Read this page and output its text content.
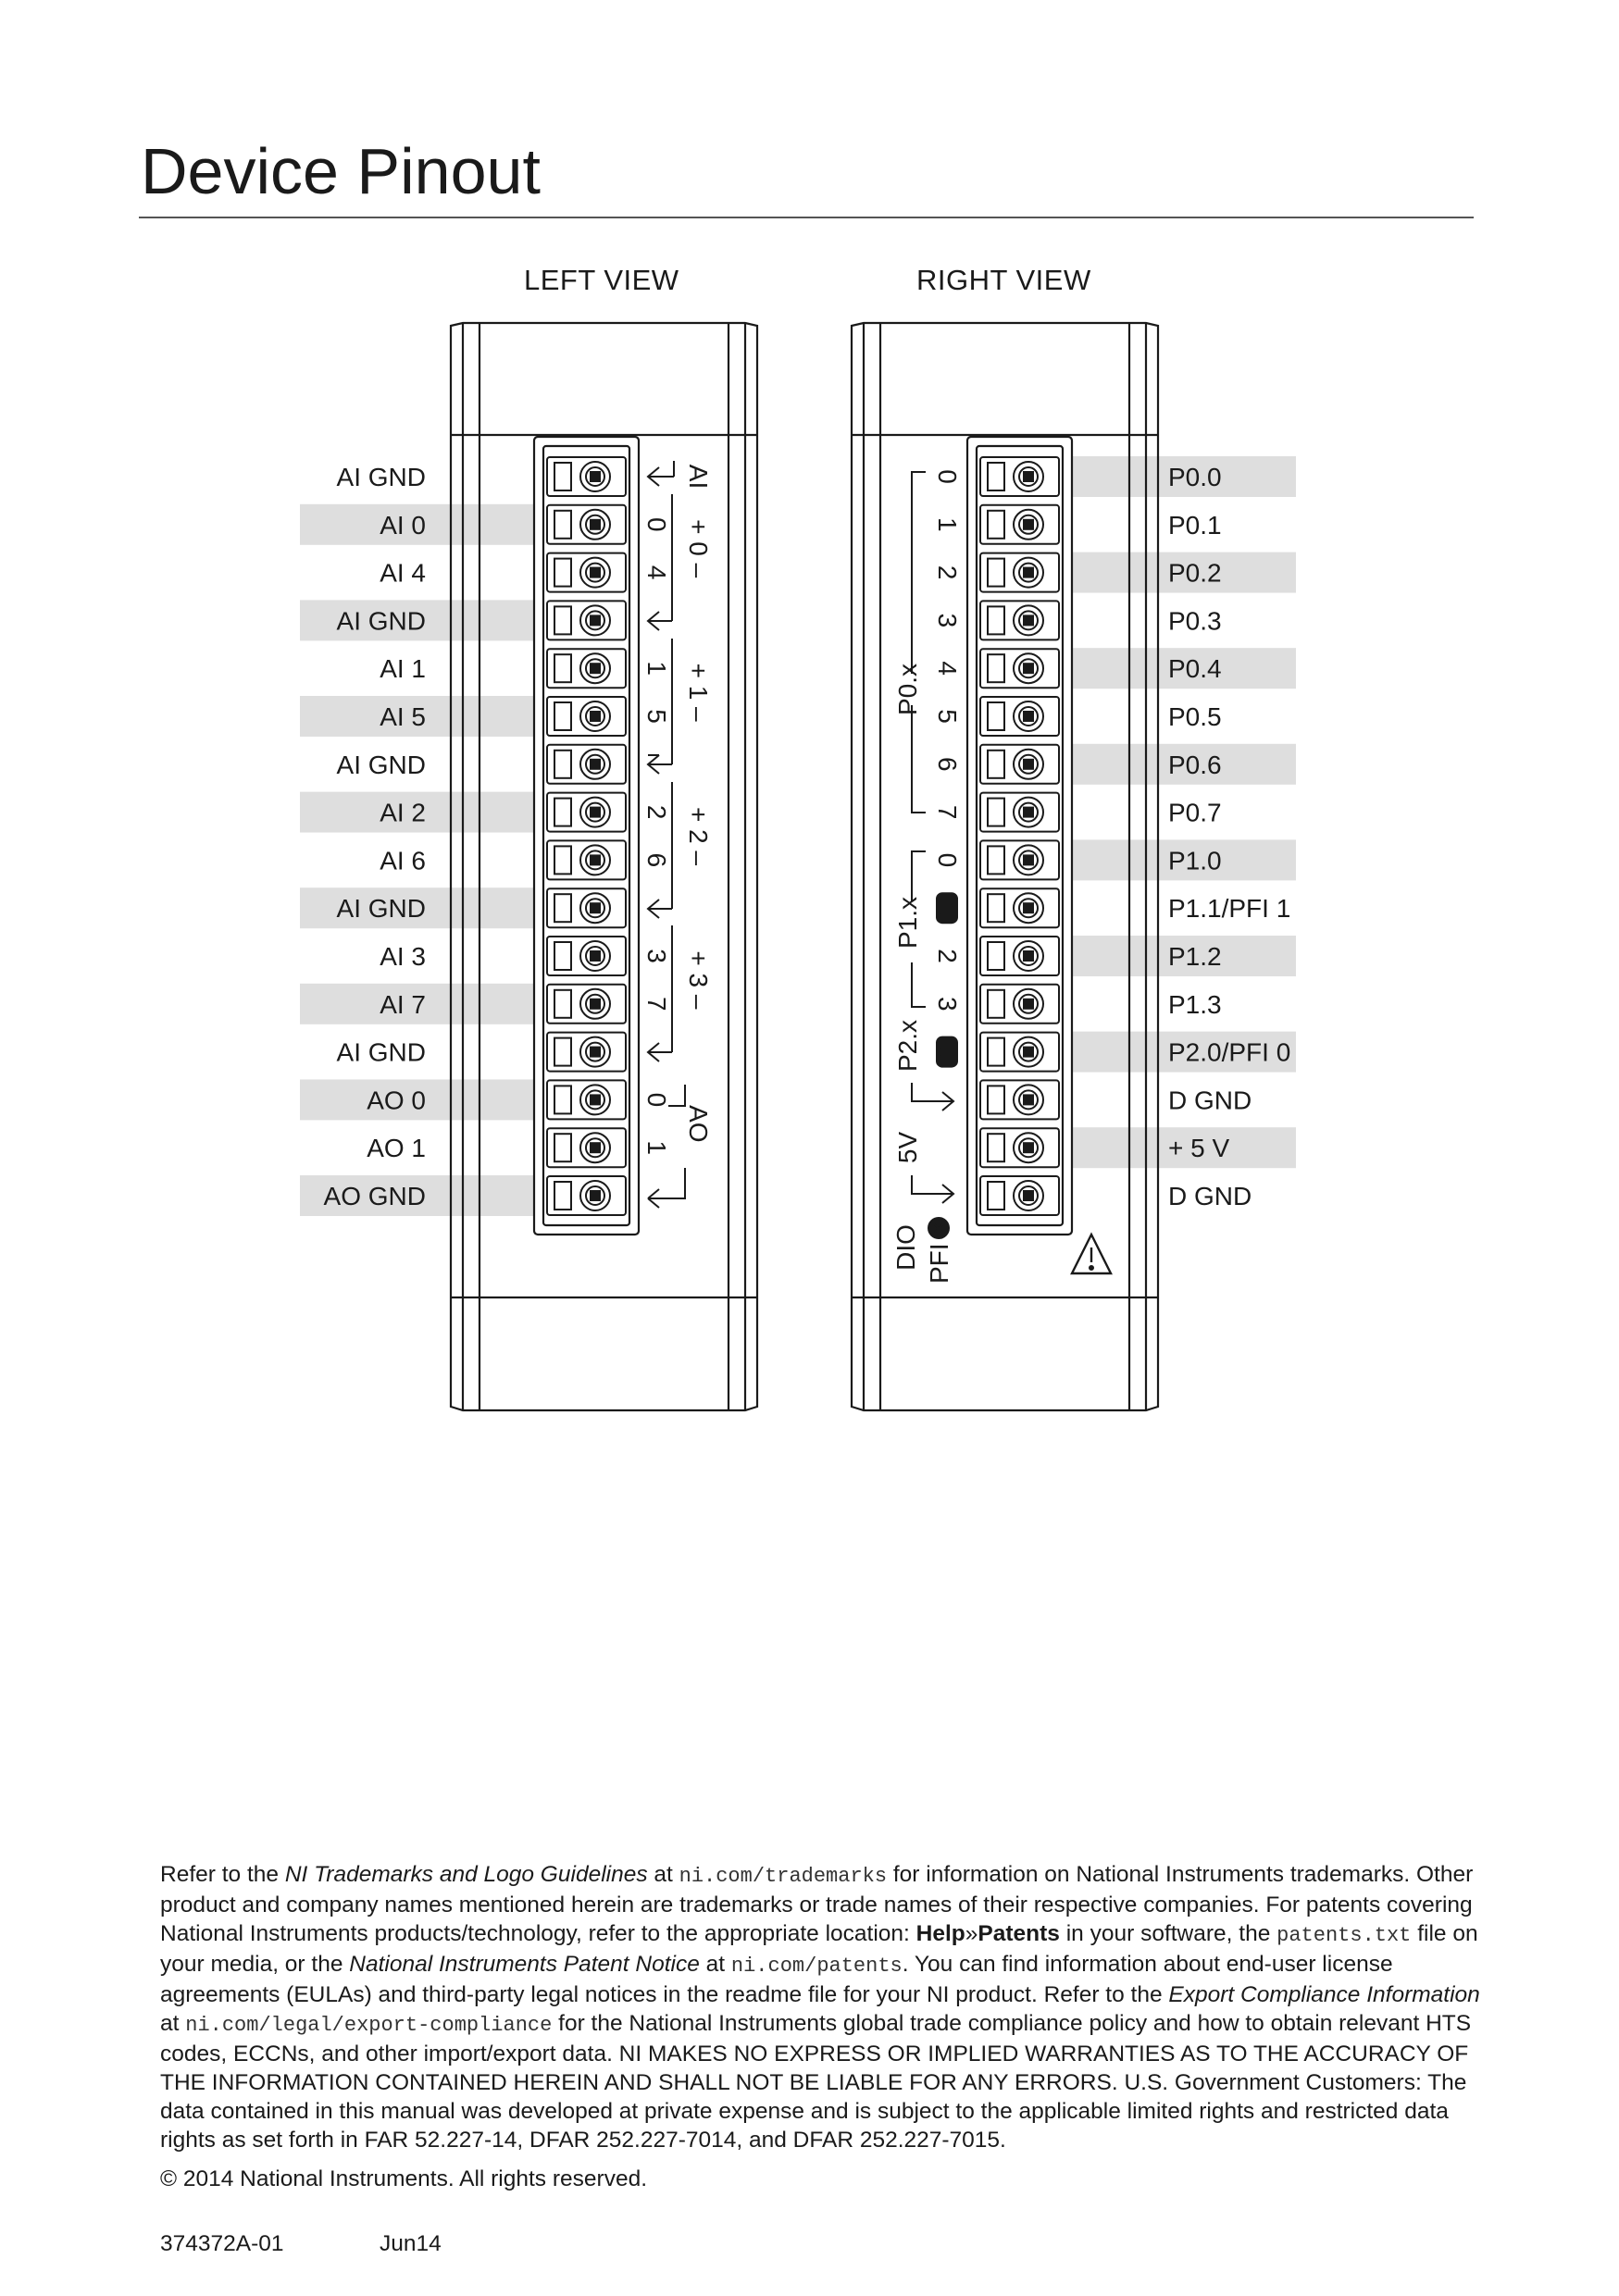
Device Pinout
LEFT VIEW	RIGHT VIEW
AI GND
AI 0
AI 4
AI GND
AI 1
AI 5
AI GND
AI 2
AI 6
AI GND
AI 3
AI 7
AI GND
AO 0
AO 1
AO GND
P0.0
P0.1
P0.2
P0.3
P0.4
P0.5
P0.6
P0.7
P1.0
P1.1/PFI 1
P1.2
P1.3
P2.0/PFI 0
D GND
+ 5 V
D GND
0
4
1
5
2
6
3
7
0
1
0
1
2
3
4
5
6
7
0
1
2
3
0
AI
+ 0 –
+ 1 –
+ 2 –
+ 3 –
AO
P0.x
P1.x
P2.x
5V
DIO PFI
×

Refer to the NI Trademarks and Logo Guidelines at ni.com/trademarks for information on National Instruments trademarks. Other product and company names mentioned herein are trademarks or trade names of their respective companies. For patents covering National Instruments products/technology, refer to the appropriate location: Help»Patents in your software, the patents.txt file on your media, or the National Instruments Patent Notice at ni.com/patents. You can find information about end-user license agreements (EULAs) and third-party legal notices in the readme file for your NI product. Refer to the Export Compliance Information at ni.com/legal/export-compliance for the National Instruments global trade compliance policy and how to obtain relevant HTS codes, ECCNs, and other import/export data. NI MAKES NO EXPRESS OR IMPLIED WARRANTIES AS TO THE ACCURACY OF THE INFORMATION CONTAINED HEREIN AND SHALL NOT BE LIABLE FOR ANY ERRORS. U.S. Government Customers: The data contained in this manual was developed at private expense and is subject to the applicable limited rights and restricted data rights as set forth in FAR 52.227-14, DFAR 252.227-7014, and DFAR 252.227-7015.

© 2014 National Instruments. All rights reserved.
374372A-01	Jun14
